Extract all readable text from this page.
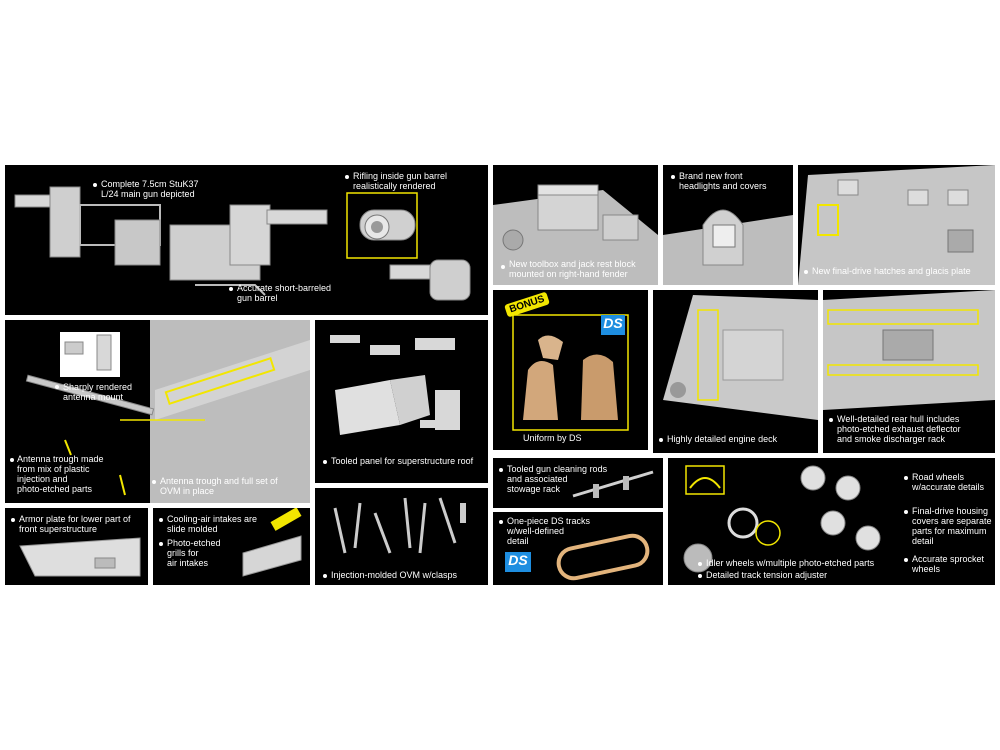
Complete 7.5cm StuK37
L/24 main gun depicted
Accurate short-barreled
gun barrel
Rifling inside gun barrel
realistically rendered
New toolbox and jack rest block
mounted on right-hand fender
Brand new front
headlights and covers
New final-drive hatches and glacis plate
Sharply rendered
antenna mount
Antenna trough made
from mix of plastic
injection and
photo-etched parts
Antenna trough and full set of
OVM in place
Tooled panel for superstructure roof
BONUS
DS
Uniform by DS	Highly detailed engine deck
Well-detailed rear hull includes
photo-etched exhaust deflector
and smoke discharger rack
Armor plate for lower part of
front superstructure
Cooling-air intakes are
slide molded
Photo-etched
grills for
air intakes
Injection-molded OVM w/clasps
Tooled gun cleaning rods
and associated
stowage rack
One-piece DS tracks
w/well-defined
detail
DS
Road wheels
w/accurate details
Final-drive housing
covers are separate
parts for maximum
detail
Accurate sprocket
wheels
Idler wheels w/multiple photo-etched parts
Detailed track tension adjuster
